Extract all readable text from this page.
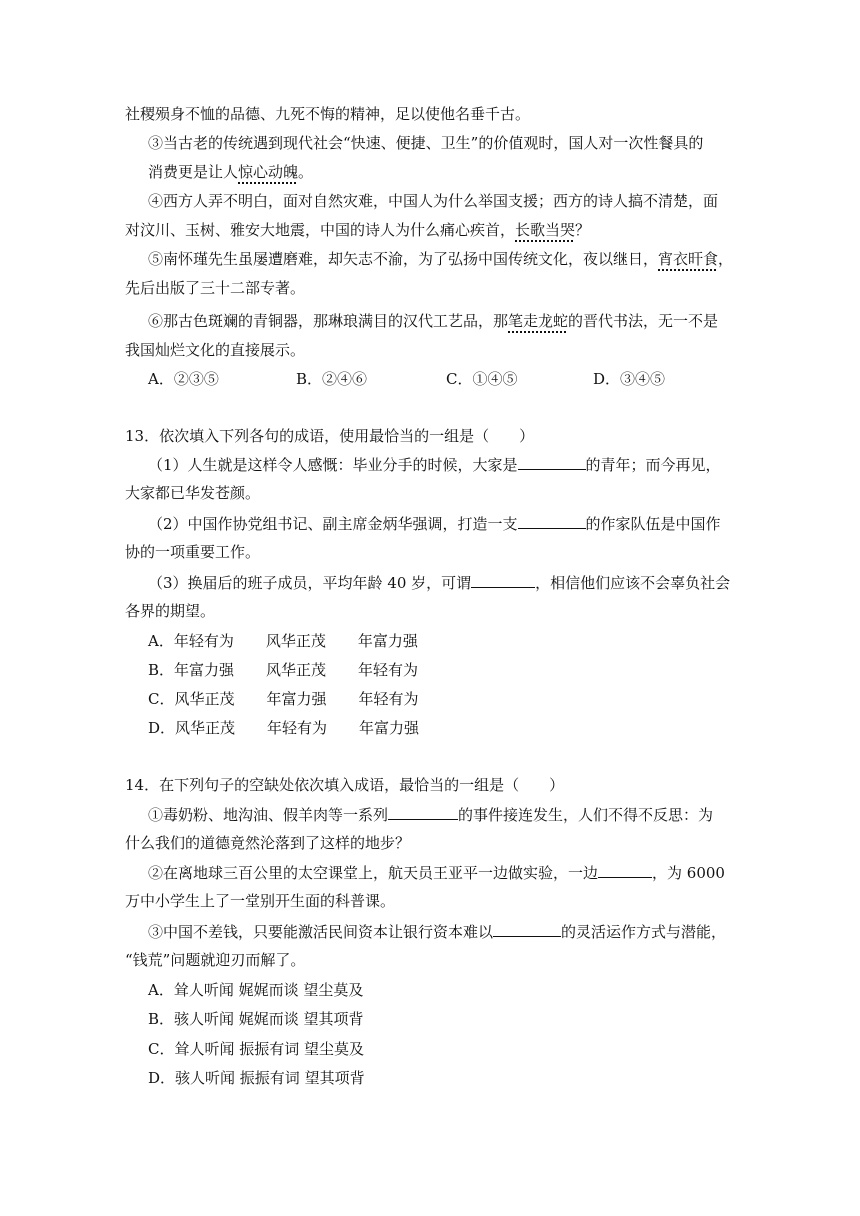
社稷殒身不恤的品德、九死不悔的精神，足以使他名垂千古。
③当古老的传统遇到现代社会“快速、便捷、卫生”的价值观时，国人对一次性餐具的
消费更是让人惊心动魄。
④西方人弄不明白，面对自然灾难，中国人为什么举国支援；西方的诗人搞不清楚，面
对汶川、玉树、雅安大地震，中国的诗人为什么痛心疾首，长歌当哭？
⑤南怀瑾先生虽屡遭磨难，却矢志不渝，为了弘扬中国传统文化，夜以继日，宵衣旰食，
先后出版了三十二部专著。
⑥那古色斑斓的青铜器，那琳琅满目的汉代工艺品，那笔走龙蛇的晋代书法，无一不是
我国灿烂文化的直接展示。
A．②③⑤	B．②④⑥	C．①④⑤	D．③④⑤
13．依次填入下列各句的成语，使用最恰当的一组是（　　）
（1）人生就是这样令人感慨：毕业分手的时候，大家是	的青年；而今再见，
大家都已华发苍颜。
（2）中国作协党组书记、副主席金炳华强调，打造一支	的作家队伍是中国作
协的一项重要工作。
（3）换届后的班子成员，平均年龄 40 岁，可谓	，相信他们应该不会辜负社会
各界的期望。
A．年轻有为 风华正茂 年富力强
B．年富力强 风华正茂 年轻有为
C．风华正茂 年富力强 年轻有为
D．风华正茂 年轻有为 年富力强
14．在下列句子的空缺处依次填入成语，最恰当的一组是（　　）
①毒奶粉、地沟油、假羊肉等一系列	的事件接连发生，人们不得不反思：为
什么我们的道德竟然沦落到了这样的地步？
②在离地球三百公里的太空课堂上，航天员王亚平一边做实验，一边	，为 6000
万中小学生上了一堂别开生面的科普课。
③中国不差钱，只要能激活民间资本让银行资本难以	的灵活运作方式与潜能，
“钱荒”问题就迎刃而解了。
A．耸人听闻 娓娓而谈 望尘莫及
B．骇人听闻 娓娓而谈 望其项背
C．耸人听闻 振振有词 望尘莫及
D．骇人听闻 振振有词 望其项背
